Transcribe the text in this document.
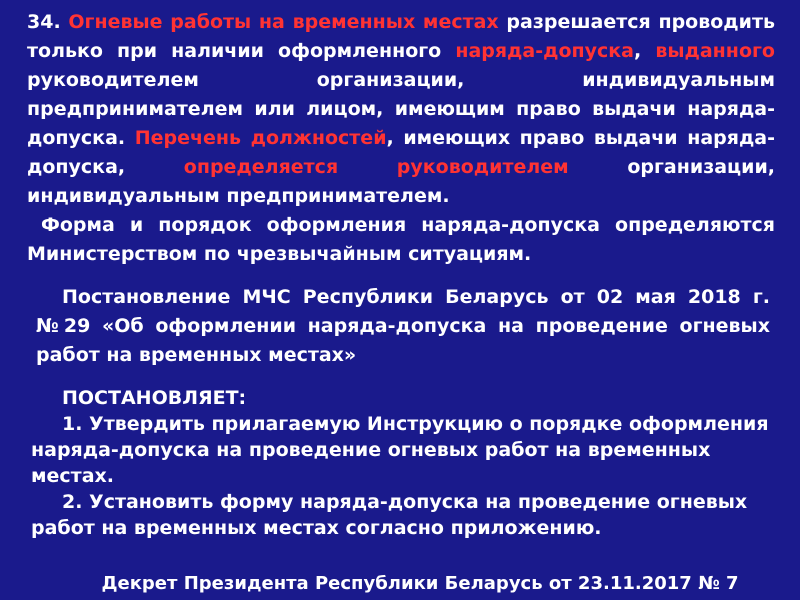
34. Огневые работы на временных местах разрешается проводить только при наличии оформленного наряда-допуска, выданного руководителем организации, индивидуальным предпринимателем или лицом, имеющим право выдачи наряда-допуска. Перечень должностей, имеющих право выдачи наряда-допуска, определяется	руководителем организации, индивидуальным предпринимателем.

Форма и порядок оформления наряда-допуска определяются Министерством по чрезвычайным ситуациям.

Постановление МЧС Республики Беларусь от 02 мая 2018 г. №29 «Об оформлении наряда-допуска на проведение огневых работ на временных местах»

ПОСТАНОВЛЯЕТ:

1. Утвердить прилагаемую Инструкцию о порядке оформления наряда-допуска на проведение огневых работ на временных местах.

2. Установить форму наряда-допуска на проведение огневых работ на временных местах согласно приложению.

Декрет Президента Республики Беларусь от 23.11.2017 № 7
